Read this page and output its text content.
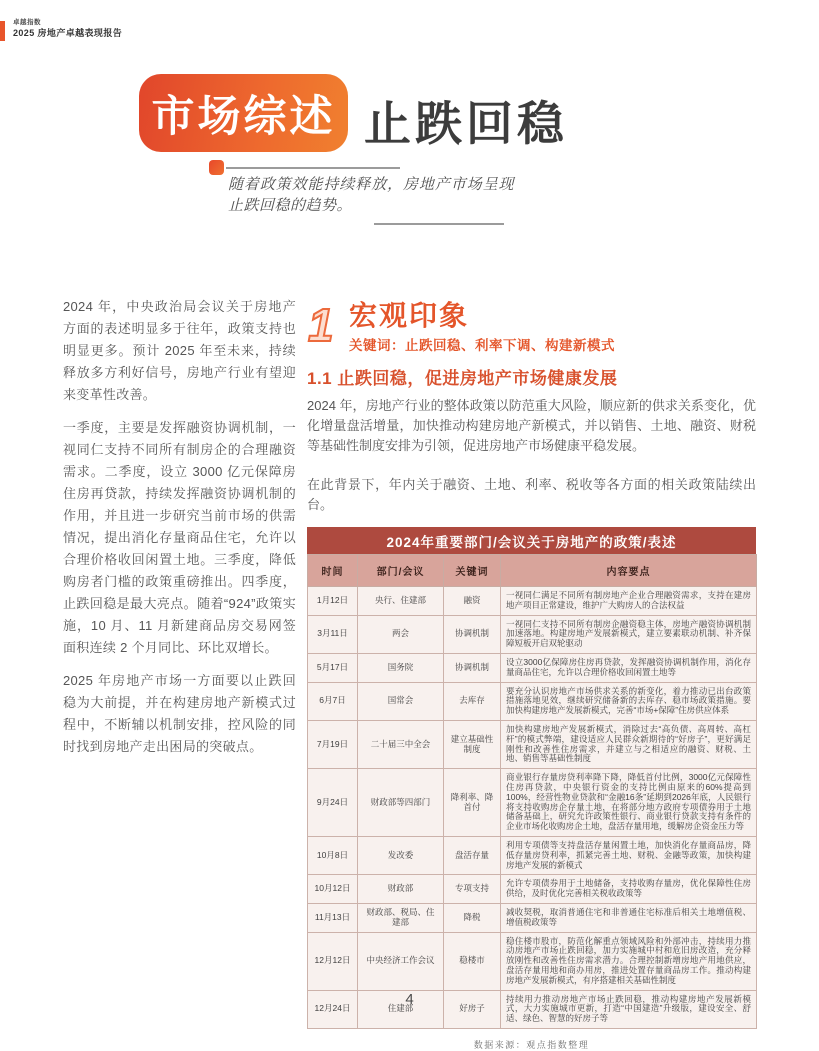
卓越指数
2025 房地产卓越表现报告
市场综述 止跌回稳
随着政策效能持续释放，房地产市场呈现止跌回稳的趋势。

2024 年，中央政治局会议关于房地产方面的表述明显多于往年，政策支持也明显更多。预计 2025 年至未来，持续释放多方利好信号，房地产行业有望迎来变革性改善。

一季度，主要是发挥融资协调机制，一视同仁支持不同所有制房企的合理融资需求。二季度，设立 3000 亿元保障房住房再贷款，持续发挥融资协调机制的作用，并且进一步研究当前市场的供需情况，提出消化存量商品住宅，允许以合理价格收回闲置土地。三季度，降低购房者门槛的政策重磅推出。四季度，止跌回稳是最大亮点。随着“924”政策实施，10 月、11 月新建商品房交易网签面积连续 2 个月同比、环比双增长。

2025 年房地产市场一方面要以止跌回稳为大前提，并在构建房地产新模式过程中，不断辅以机制安排，控风险的同时找到房地产走出困局的突破点。

1 宏观印象
关键词：止跌回稳、利率下调、构建新模式
1.1 止跌回稳，促进房地产市场健康发展

2024 年，房地产行业的整体政策以防范重大风险，顺应新的供求关系变化，优化增量盘活增量，加快推动构建房地产新模式，并以销售、土地、融资、财税等基础性制度安排为引领，促进房地产市场健康平稳发展。

在此背景下，年内关于融资、土地、利率、税收等各方面的相关政策陆续出台。

2024年重要部门/会议关于房地产的政策/表述
时间	部门/会议	关键词	内容要点
1月12日	央行、住建部	融资	一视同仁满足不同所有制房地产企业合理融资需求，支持在建房地产项目正常建设，维护广大购房人的合法权益
3月11日	两会	协调机制	一视同仁支持不同所有制房企融资稳主体，房地产融资协调机制加速落地。构建房地产发展新模式，建立要素联动机制、补齐保障短板开启双轮驱动
5月17日	国务院	协调机制	设立3000亿保障房住房再贷款，发挥融资协调机制作用，消化存量商品住宅，允许以合理价格收回闲置土地等
6月7日	国常会	去库存	要充分认识房地产市场供求关系的新变化，着力推动已出台政策措施落地见效，继续研究储备新的去库存、稳市场政策措施。要加快构建房地产发展新模式，完善“市场+保障”住房供应体系
7月19日	二十届三中全会	建立基础性制度	加快构建房地产发展新模式，消除过去“高负债、高周转、高杠杆”的模式弊端，建设适应人民群众新期待的“好房子”，更好满足刚性和改善性住房需求，并建立与之相适应的融资、财税、土地、销售等基础性制度
9月24日	财政部等四部门	降利率、降首付	商业银行存量房贷利率降下降，降低首付比例，3000亿元保障性住房再贷款，中央银行资金的支持比例由原来的60%提高到100%，经营性物业贷款和“金融16条”延期到2026年底，人民银行将支持收购房企存量土地，在将部分地方政府专项债券用于土地储备基础上，研究允许政策性银行、商业银行贷款支持有条件的企业市场化收购房企土地，盘活存量用地，缓解房企资金压力等
10月8日	发改委	盘活存量	利用专项债等支持盘活存量闲置土地，加快消化存量商品房，降低存量房贷利率，抓紧完善土地、财税、金融等政策，加快构建房地产发展的新模式
10月12日	财政部	专项支持	允许专项债券用于土地储备，支持收购存量房，优化保障性住房供给，及时优化完善相关税收政策等
11月13日	财政部、税局、住建部	降税	减收契税，取消普通住宅和非普通住宅标准后相关土地增值税、增值税政策等
12月12日	中央经济工作会议	稳楼市	稳住楼市股市，防范化解重点领域风险和外部冲击，持续用力推动房地产市场止跌回稳，加力实施城中村和危旧房改造，充分释放刚性和改善性住房需求潜力。合理控制新增房地产用地供应，盘活存量用地和商办用房，推进处置存量商品房工作。推动构建房地产发展新模式，有序搭建相关基础性制度
12月24日	住建部	好房子	持续用力推动房地产市场止跌回稳，推动构建房地产发展新模式，大力实施城市更新，打造“中国建造”升级版，建设安全、舒适、绿色、智慧的好房子等
数据来源：观点指数整理
4
